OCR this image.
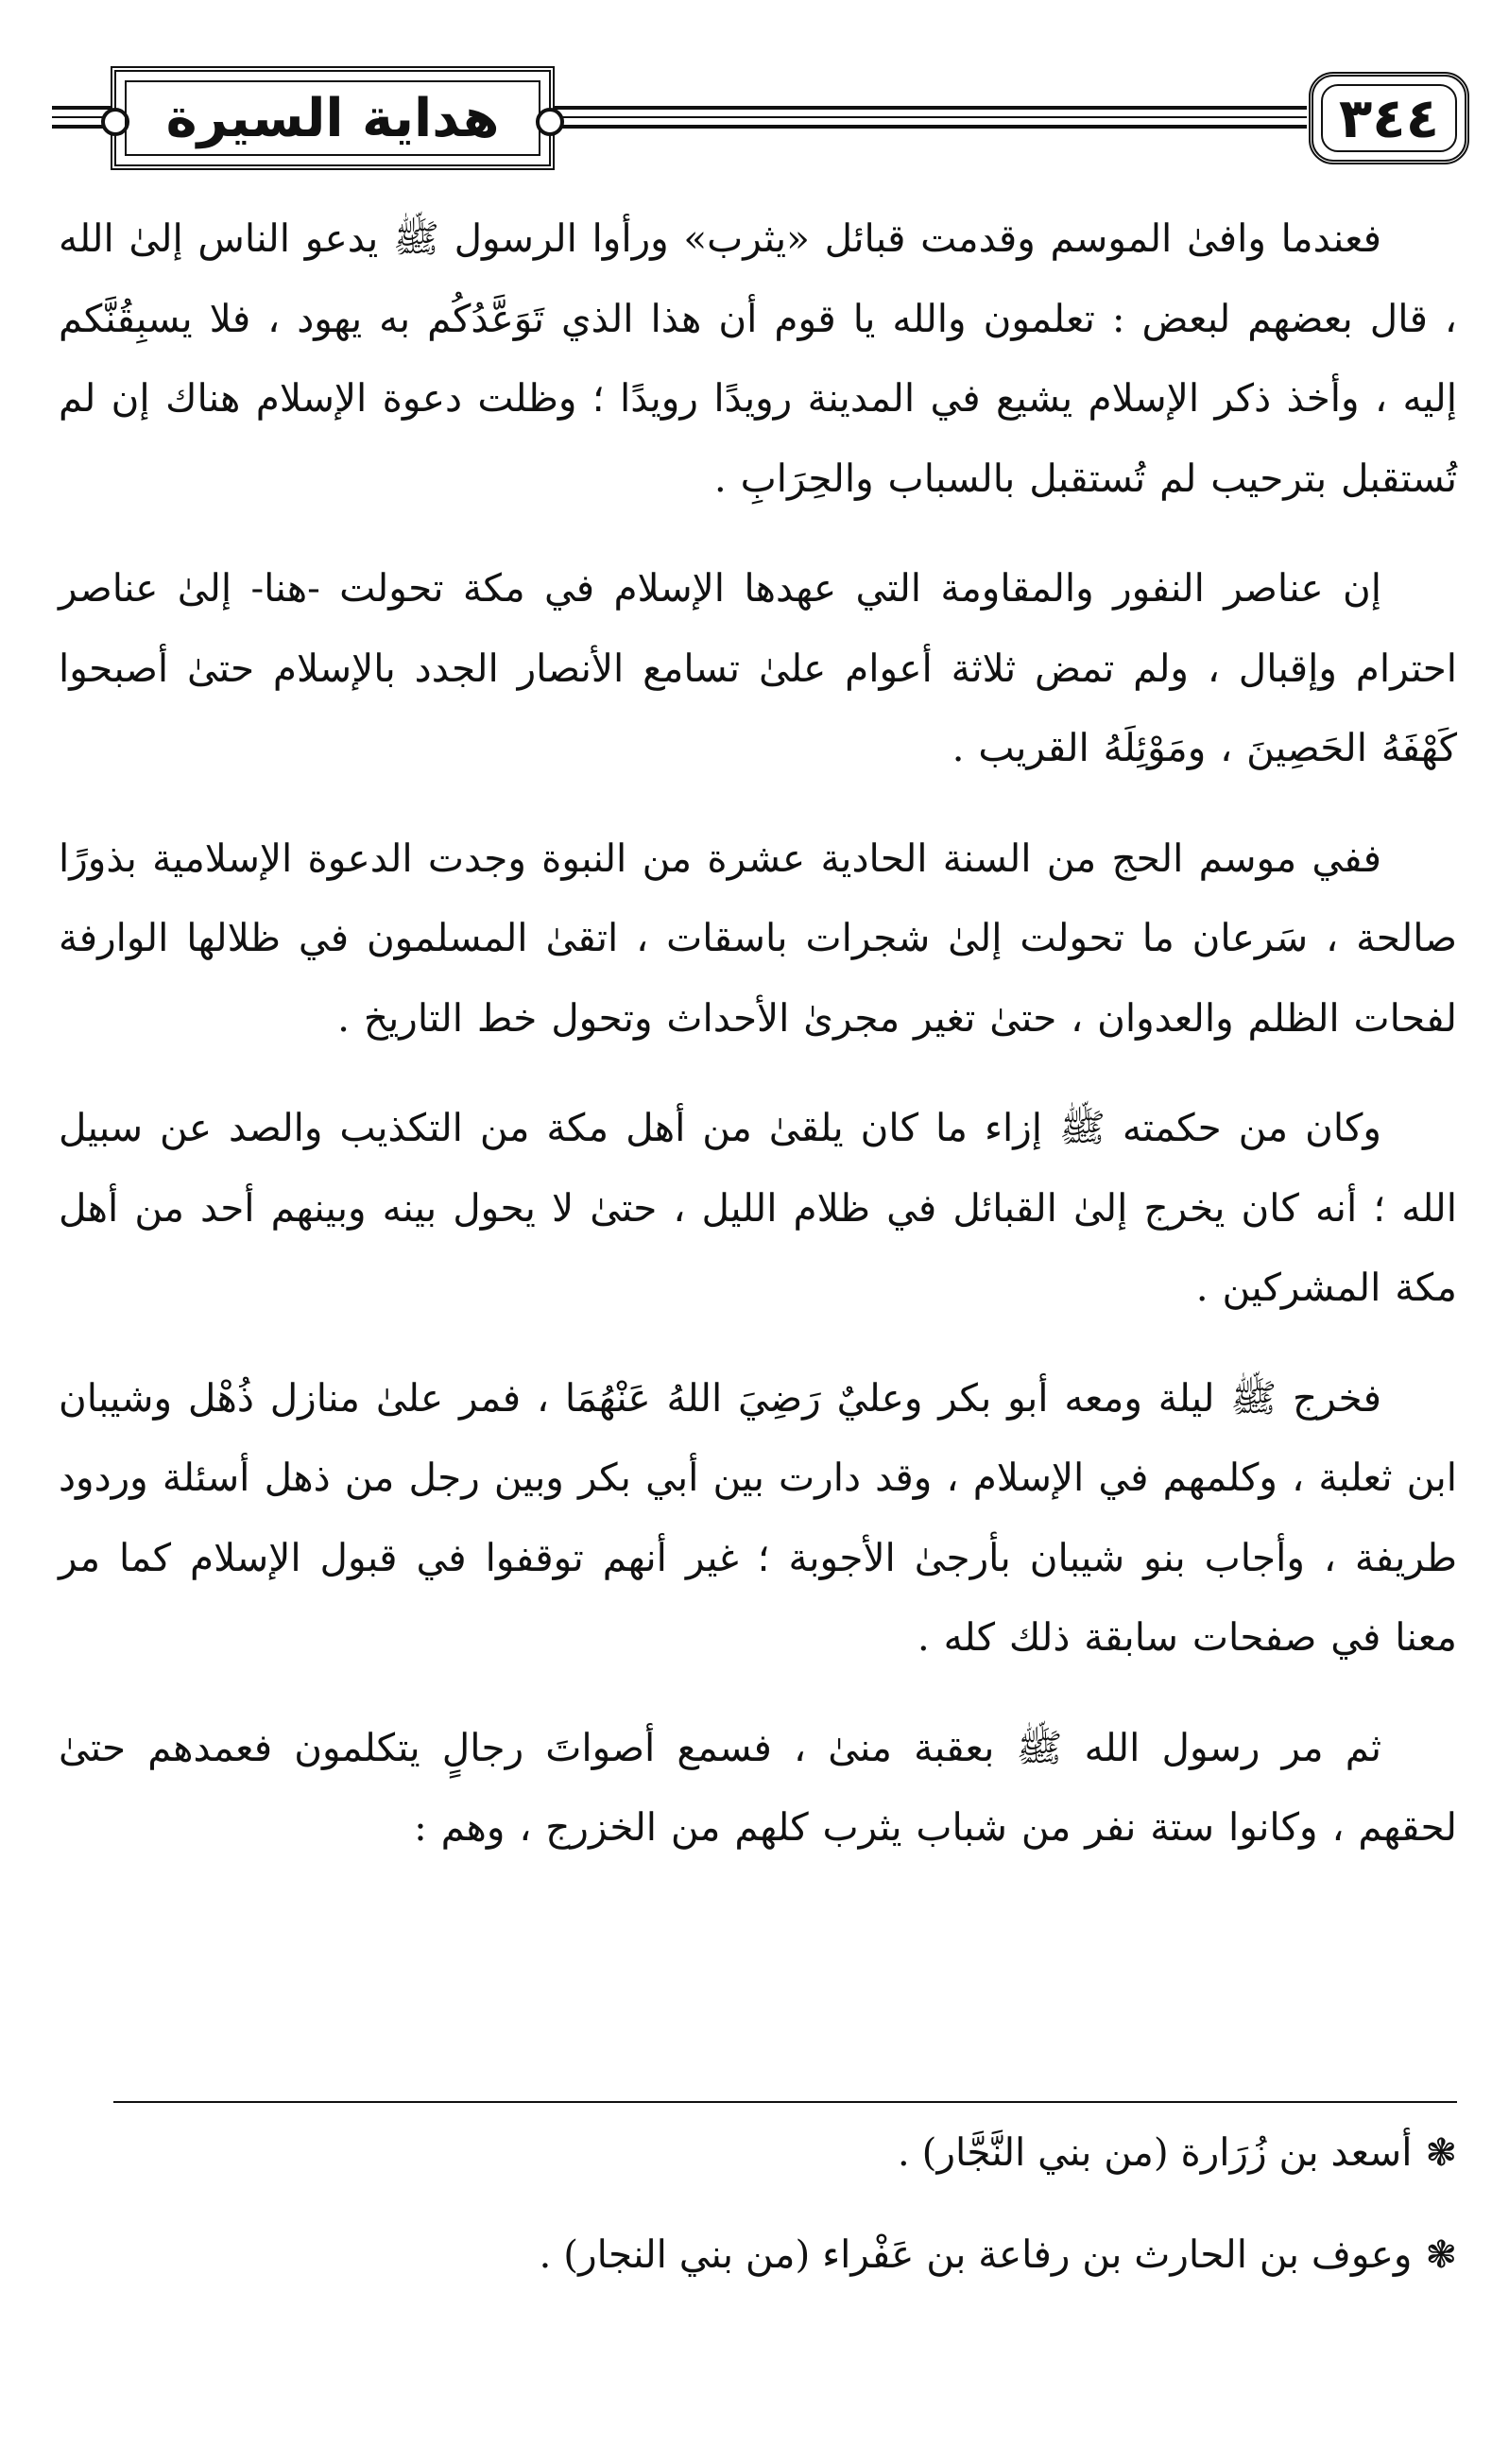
هداية السيرة	٣٤٤

فعندما وافىٰ الموسم وقدمت قبائل «يثرب» ورأوا الرسول ﷺ يدعو الناس إلىٰ الله ، قال بعضهم لبعض : تعلمون والله يا قوم أن هذا الذي تَوَعَّدُكُم به يهود ، فلا يسبِقُنَّكم إليه ، وأخذ ذكر الإسلام يشيع في المدينة رويدًا رويدًا ؛ وظلت دعوة الإسلام هناك إن لم تُستقبل بترحيب لم تُستقبل بالسباب والحِرَابِ .

إن عناصر النفور والمقاومة التي عهدها الإسلام في مكة تحولت -هنا- إلىٰ عناصر احترام وإقبال ، ولم تمض ثلاثة أعوام علىٰ تسامع الأنصار الجدد بالإسلام حتىٰ أصبحوا كَهْفَهُ الحَصِينَ ، ومَوْئِلَهُ القريب .

ففي موسم الحج من السنة الحادية عشرة من النبوة وجدت الدعوة الإسلامية بذورًا صالحة ، سَرعان ما تحولت إلىٰ شجرات باسقات ، اتقىٰ المسلمون في ظلالها الوارفة لفحات الظلم والعدوان ، حتىٰ تغير مجرىٰ الأحداث وتحول خط التاريخ .

وكان من حكمته ﷺ إزاء ما كان يلقىٰ من أهل مكة من التكذيب والصد عن سبيل الله ؛ أنه كان يخرج إلىٰ القبائل في ظلام الليل ، حتىٰ لا يحول بينه وبينهم أحد من أهل مكة المشركين .

فخرج ﷺ ليلة ومعه أبو بكر وعليٌ رَضِيَ اللهُ عَنْهُمَا ، فمر علىٰ منازل ذُهْل وشيبان ابن ثعلبة ، وكلمهم في الإسلام ، وقد دارت بين أبي بكر وبين رجل من ذهل أسئلة وردود طريفة ، وأجاب بنو شيبان بأرجىٰ الأجوبة ؛ غير أنهم توقفوا في قبول الإسلام كما مر معنا في صفحات سابقة ذلك كله .

ثم مر رسول الله ﷺ بعقبة منىٰ ، فسمع أصواتَ رجالٍ يتكلمون فعمدهم حتىٰ لحقهم ، وكانوا ستة نفر من شباب يثرب كلهم من الخزرج ، وهم :

❃
أسعد بن زُرَارة (من بني النَّجَّار) .
❃
وعوف بن الحارث بن رفاعة بن عَفْراء (من بني النجار) .
